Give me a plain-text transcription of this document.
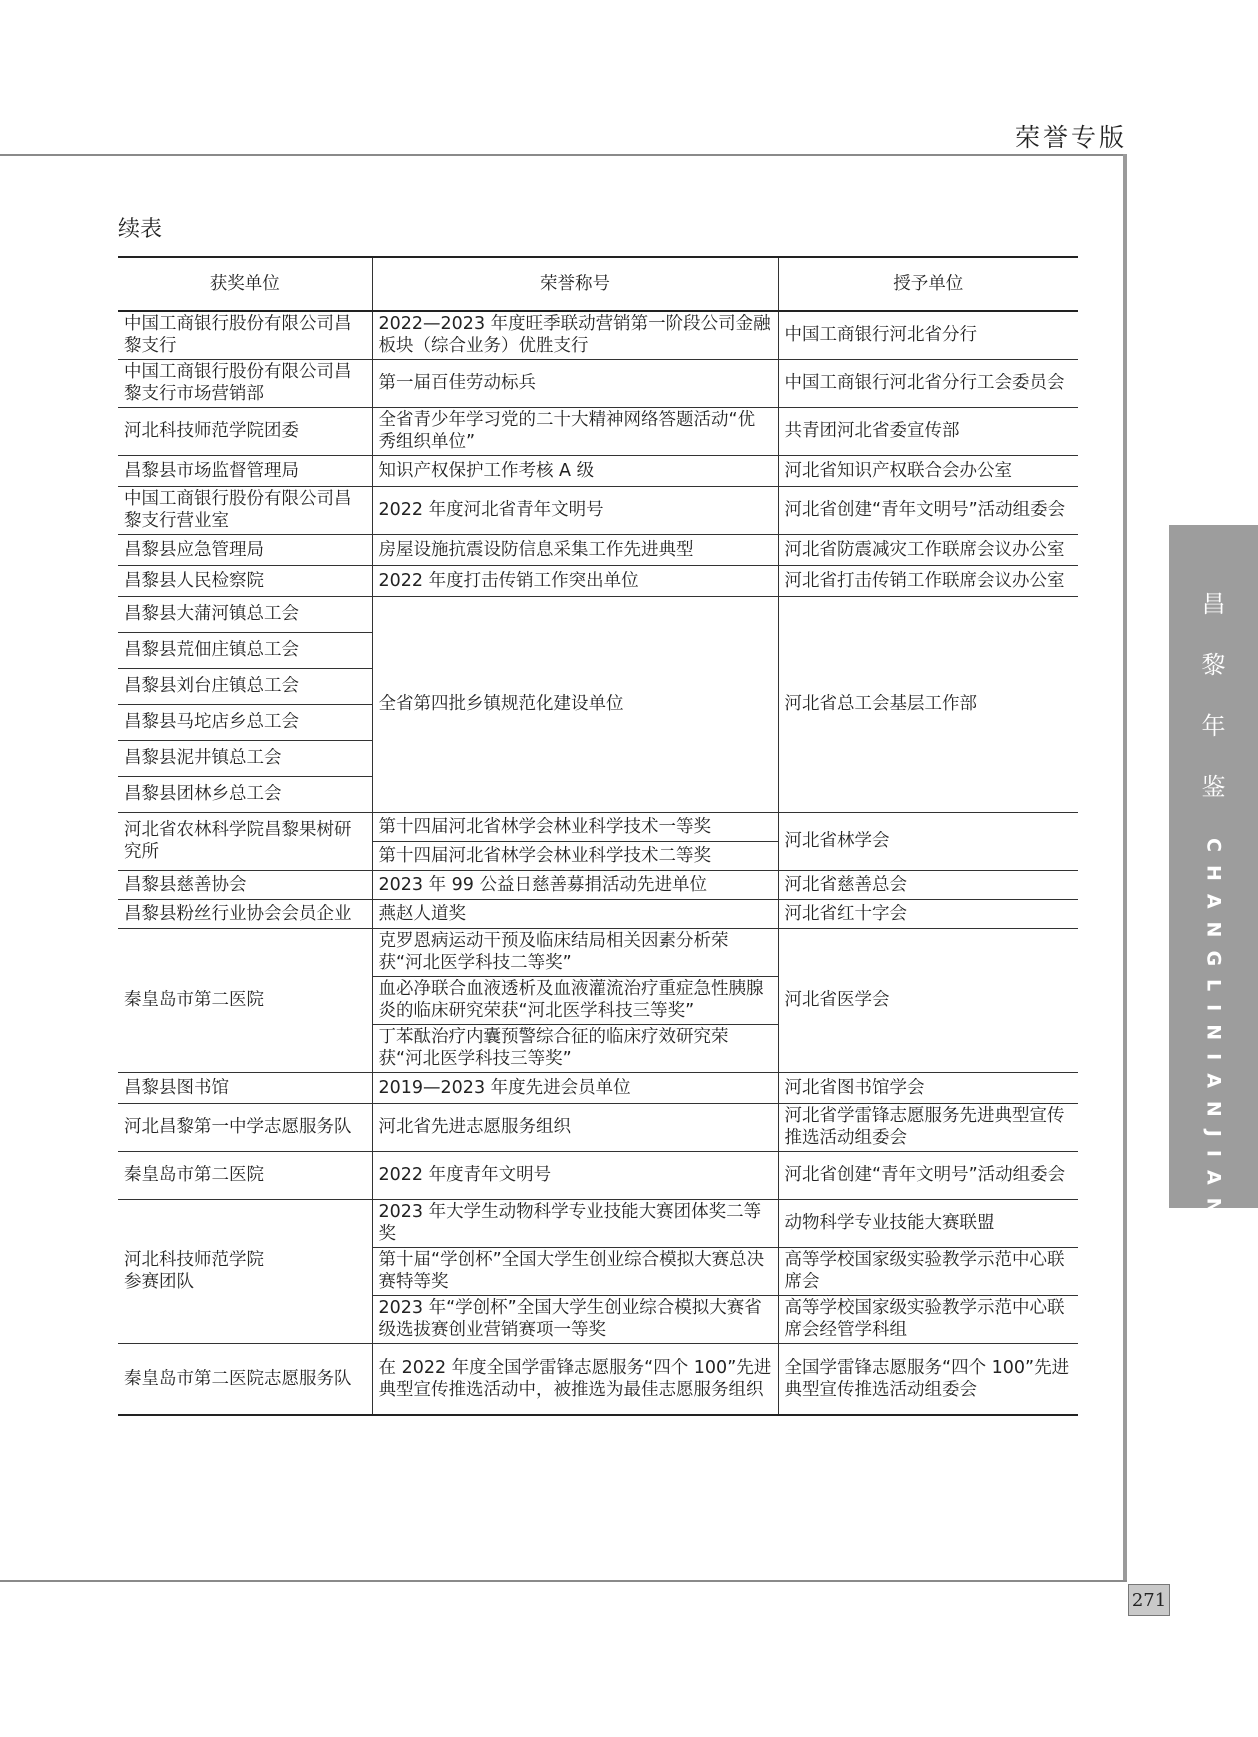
荣誉专版
271
昌
黎
年
鉴
CHANGLINIANJIAN
续表
获奖单位	荣誉称号	授予单位
中国工商银行股份有限公司昌黎支行	2022—2023 年度旺季联动营销第一阶段公司金融板块（综合业务）优胜支行	中国工商银行河北省分行
中国工商银行股份有限公司昌黎支行市场营销部	第一届百佳劳动标兵	中国工商银行河北省分行工会委员会
河北科技师范学院团委	全省青少年学习党的二十大精神网络答题活动“优秀组织单位”	共青团河北省委宣传部
昌黎县市场监督管理局	知识产权保护工作考核 A 级	河北省知识产权联合会办公室
中国工商银行股份有限公司昌黎支行营业室	2022 年度河北省青年文明号	河北省创建“青年文明号”活动组委会
昌黎县应急管理局	房屋设施抗震设防信息采集工作先进典型	河北省防震减灾工作联席会议办公室
昌黎县人民检察院	2022 年度打击传销工作突出单位	河北省打击传销工作联席会议办公室
昌黎县大蒲河镇总工会	全省第四批乡镇规范化建设单位	河北省总工会基层工作部
昌黎县荒佃庄镇总工会		
昌黎县刘台庄镇总工会		
昌黎县马坨店乡总工会		
昌黎县泥井镇总工会		
昌黎县团林乡总工会		
河北省农林科学院昌黎果树研究所	第十四届河北省林学会林业科学技术一等奖	河北省林学会
	第十四届河北省林学会林业科学技术二等奖	
昌黎县慈善协会	2023 年 99 公益日慈善募捐活动先进单位	河北省慈善总会
昌黎县粉丝行业协会会员企业	燕赵人道奖	河北省红十字会
秦皇岛市第二医院	克罗恩病运动干预及临床结局相关因素分析荣获“河北医学科技二等奖”	河北省医学会
	血必净联合血液透析及血液灌流治疗重症急性胰腺炎的临床研究荣获“河北医学科技三等奖”	
	丁苯酞治疗内囊预警综合征的临床疗效研究荣获“河北医学科技三等奖”	
昌黎县图书馆	2019—2023 年度先进会员单位	河北省图书馆学会
河北昌黎第一中学志愿服务队	河北省先进志愿服务组织	河北省学雷锋志愿服务先进典型宣传推选活动组委会
秦皇岛市第二医院	2022 年度青年文明号	河北省创建“青年文明号”活动组委会
河北科技师范学院
参赛团队	2023 年大学生动物科学专业技能大赛团体奖二等奖	动物科学专业技能大赛联盟
	第十届“学创杯”全国大学生创业综合模拟大赛总决赛特等奖	高等学校国家级实验教学示范中心联席会
	2023 年“学创杯”全国大学生创业综合模拟大赛省级选拔赛创业营销赛项一等奖	高等学校国家级实验教学示范中心联席会经管学科组
秦皇岛市第二医院志愿服务队	在 2022 年度全国学雷锋志愿服务“四个 100”先进典型宣传推选活动中，被推选为最佳志愿服务组织	全国学雷锋志愿服务“四个 100”先进典型宣传推选活动组委会
